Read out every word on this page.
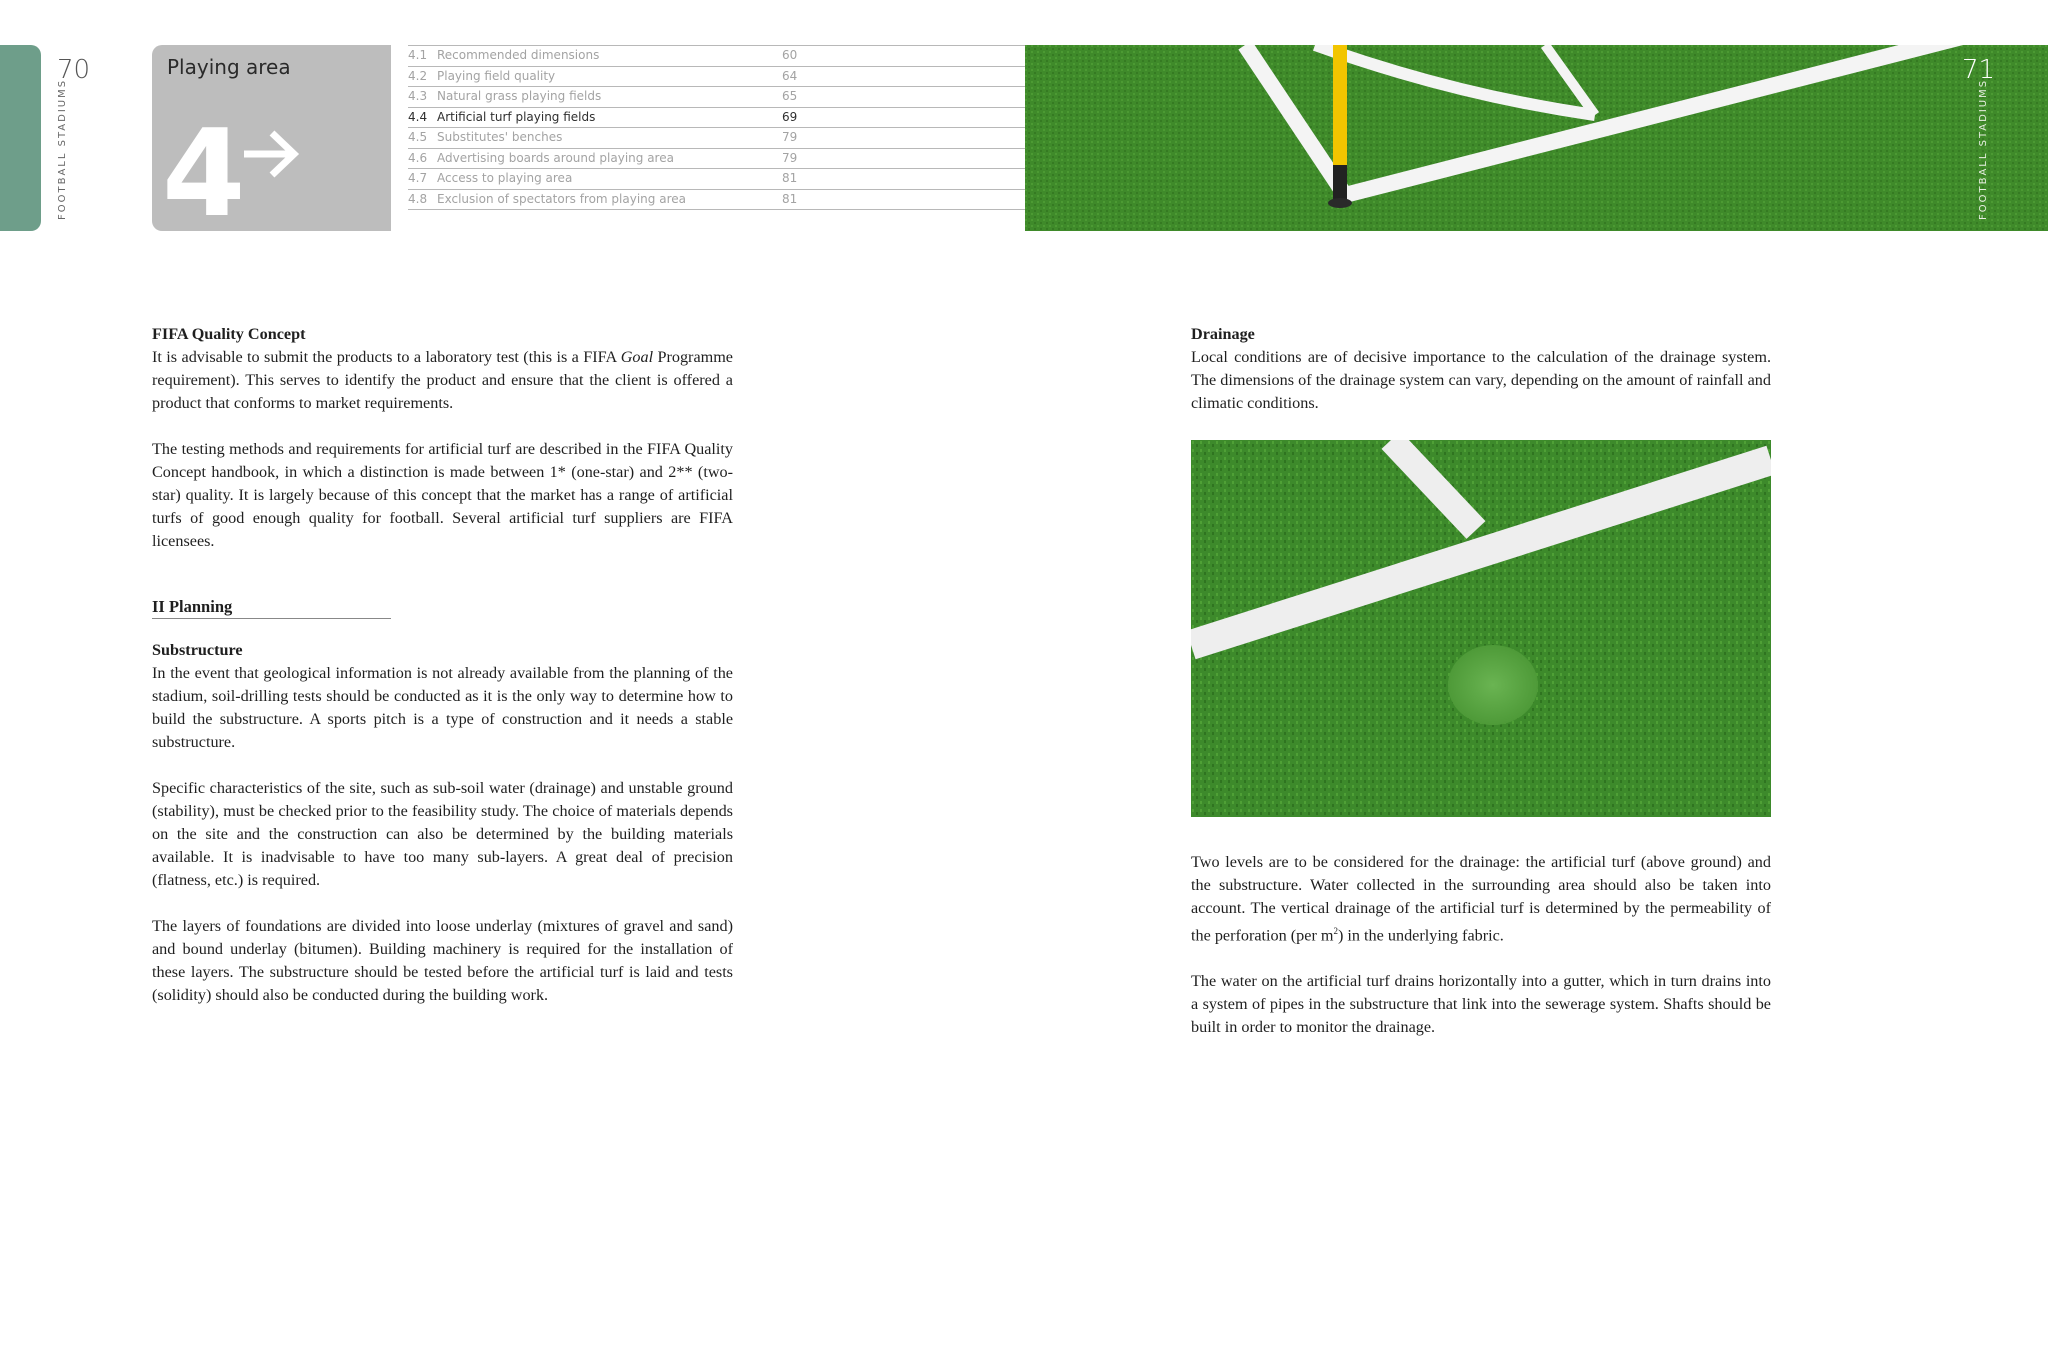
70
FOOTBALL STADIUMS
Playing area
4
4.1 Recommended dimensions	60
4.2 Playing field quality	64
4.3 Natural grass playing fields	65
4.4 Artificial turf playing fields	69
4.5 Substitutes' benches	79
4.6 Advertising boards around playing area	79
4.7 Access to playing area	81
4.8 Exclusion of spectators from playing area	81
71
FOOTBALL STADIUMS
FIFA Quality Concept

It is advisable to submit the products to a laboratory test (this is a FIFA Goal Programme requirement). This serves to identify the product and ensure that the client is offered a product that conforms to market requirements.

The testing methods and requirements for artificial turf are described in the FIFA Quality Concept handbook, in which a distinction is made between 1* (one-star) and 2** (two-star) quality. It is largely because of this concept that the market has a range of artificial turfs of good enough quality for football. Several artificial turf suppliers are FIFA licensees.

II Planning
Substructure

In the event that geological information is not already available from the planning of the stadium, soil-drilling tests should be conducted as it is the only way to determine how to build the substructure. A sports pitch is a type of construction and it needs a stable substructure.

Specific characteristics of the site, such as sub-soil water (drainage) and unstable ground (stability), must be checked prior to the feasibility study. The choice of materials depends on the site and the construction can also be determined by the building materials available. It is inadvisable to have too many sub-layers. A great deal of precision (flatness, etc.) is required.

The layers of foundations are divided into loose underlay (mixtures of gravel and sand) and bound underlay (bitumen). Building machinery is required for the installation of these layers. The substructure should be tested before the artificial turf is laid and tests (solidity) should also be conducted during the building work.

Drainage

Local conditions are of decisive importance to the calculation of the drainage system. The dimensions of the drainage system can vary, depending on the amount of rainfall and climatic conditions.

Two levels are to be considered for the drainage: the artificial turf (above ground) and the substructure. Water collected in the surrounding area should also be taken into account. The vertical drainage of the artificial turf is determined by the permeability of the perforation (per $m^2$) in the underlying fabric.

The water on the artificial turf drains horizontally into a gutter, which in turn drains into a system of pipes in the substructure that link into the sewerage system. Shafts should be built in order to monitor the drainage.
